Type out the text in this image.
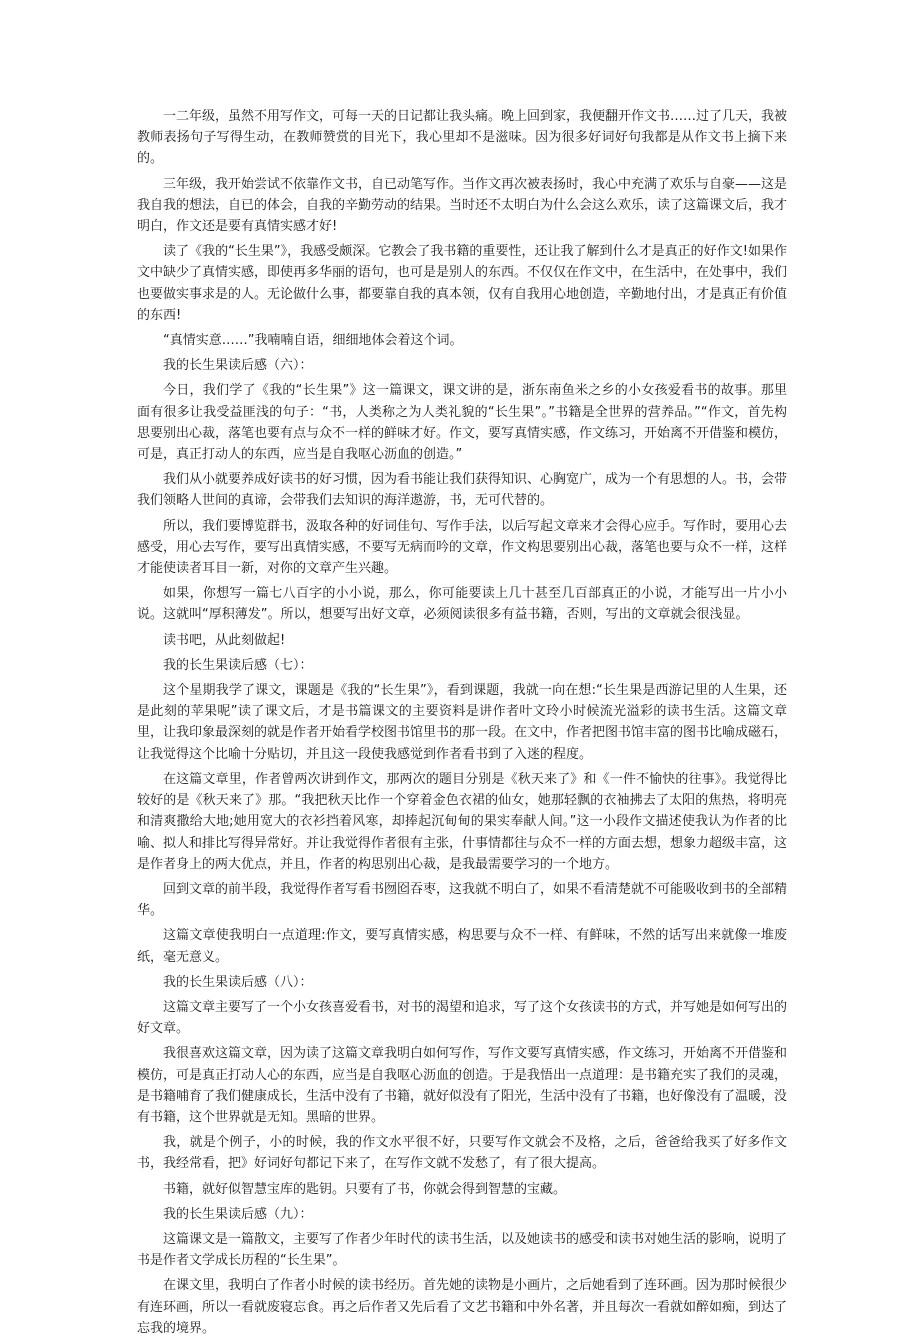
一二年级，虽然不用写作文，可每一天的日记都让我头痛。晚上回到家，我便翻开作文书……过了几天，我被教师表扬句子写得生动，在教师赞赏的目光下，我心里却不是滋味。因为很多好词好句我都是从作文书上摘下来的。

三年级，我开始尝试不依靠作文书，自已动笔写作。当作文再次被表扬时，我心中充满了欢乐与自豪——这是我自我的想法，自已的体会，自我的辛勤劳动的结果。当时还不太明白为什么会这么欢乐，读了这篇课文后，我才明白，作文还是要有真情实感才好!

读了《我的“长生果”》，我感受颇深。它教会了我书籍的重要性，还让我了解到什么才是真正的好作文!如果作文中缺少了真情实感，即使再多华丽的语句，也可是是别人的东西。不仅仅在作文中，在生活中，在处事中，我们也要做实事求是的人。无论做什么事，都要靠自我的真本领，仅有自我用心地创造，辛勤地付出，才是真正有价值的东西!

“真情实意……”我喃喃自语，细细地体会着这个词。

我的长生果读后感（六）：

今日，我们学了《我的“长生果”》这一篇课文，课文讲的是，浙东南鱼米之乡的小女孩爱看书的故事。那里面有很多让我受益匪浅的句子：“书，人类称之为人类礼貌的“长生果”。”书籍是全世界的营养品。”“作文，首先构思要别出心裁，落笔也要有点与众不一样的鲜味才好。作文，要写真情实感，作文练习，开始离不开借鉴和模仿，可是，真正打动人的东西，应当是自我呕心沥血的创造。”

我们从小就要养成好读书的好习惯，因为看书能让我们获得知识、心胸宽广，成为一个有思想的人。书，会带我们领略人世间的真谛，会带我们去知识的海洋遨游，书，无可代替的。

所以，我们要博览群书，汲取各种的好词佳句、写作手法，以后写起文章来才会得心应手。写作时，要用心去感受，用心去写作，要写出真情实感，不要写无病而吟的文章，作文构思要别出心裁，落笔也要与众不一样，这样才能使读者耳目一新，对你的文章产生兴趣。

如果，你想写一篇七八百字的小小说，那么，你可能要读上几十甚至几百部真正的小说，才能写出一片小小说。这就叫“厚积薄发”。所以，想要写出好文章，必须阅读很多有益书籍，否则，写出的文章就会很浅显。

读书吧，从此刻做起!

我的长生果读后感（七）：

这个星期我学了课文，课题是《我的“长生果”》，看到课题，我就一向在想:“长生果是西游记里的人生果，还是此刻的苹果呢”读了课文后，才是书篇课文的主要资料是讲作者叶文玲小时候流光溢彩的读书生活。这篇文章里，让我印象最深刻的就是作者开始看学校图书馆里书的那一段。在文中，作者把图书馆丰富的图书比喻成磁石，让我觉得这个比喻十分贴切，并且这一段使我感觉到作者看书到了入迷的程度。

在这篇文章里，作者曾两次讲到作文，那两次的题目分别是《秋天来了》和《一件不愉快的往事》。我觉得比较好的是《秋天来了》那。“我把秋天比作一个穿着金色衣裙的仙女，她那轻飘的衣袖拂去了太阳的焦热，将明亮和清爽撒给大地;她用宽大的衣衫挡着风寒，却捧起沉甸甸的果实奉献人间。”这一小段作文描述使我认为作者的比喻、拟人和排比写得异常好。并让我觉得作者很有主张，什事情都往与众不一样的方面去想，想象力超级丰富，这是作者身上的两大优点，并且，作者的构思别出心裁，是我最需要学习的一个地方。

回到文章的前半段，我觉得作者写看书囫囵吞枣，这我就不明白了，如果不看清楚就不可能吸收到书的全部精华。

这篇文章使我明白一点道理:作文，要写真情实感，构思要与众不一样、有鲜味，不然的话写出来就像一堆废纸，毫无意义。

我的长生果读后感（八）：

这篇文章主要写了一个小女孩喜爱看书，对书的渴望和追求，写了这个女孩读书的方式，并写她是如何写出的好文章。

我很喜欢这篇文章，因为读了这篇文章我明白如何写作，写作文要写真情实感，作文练习，开始离不开借鉴和模仿，可是真正打动人心的东西，应当是自我呕心沥血的创造。于是我悟出一点道理：是书籍充实了我们的灵魂，是书籍哺育了我们健康成长，生活中没有了书籍，就好似没有了阳光，生活中没有了书籍，也好像没有了温暖，没有书籍，这个世界就是无知。黑暗的世界。

我，就是个例子，小的时候，我的作文水平很不好，只要写作文就会不及格，之后，爸爸给我买了好多作文书，我经常看，把》好词好句都记下来了，在写作文就不发愁了，有了很大提高。

书籍，就好似智慧宝库的匙钥。只要有了书，你就会得到智慧的宝藏。

我的长生果读后感（九）：

这篇课文是一篇散文，主要写了作者少年时代的读书生活，以及她读书的感受和读书对她生活的影响，说明了书是作者文学成长历程的“长生果”。

在课文里，我明白了作者小时候的读书经历。首先她的读物是小画片，之后她看到了连环画。因为那时候很少有连环画，所以一看就废寝忘食。再之后作者又先后看了文艺书籍和中外名著，并且每次一看就如醉如痴，到达了忘我的境界。
